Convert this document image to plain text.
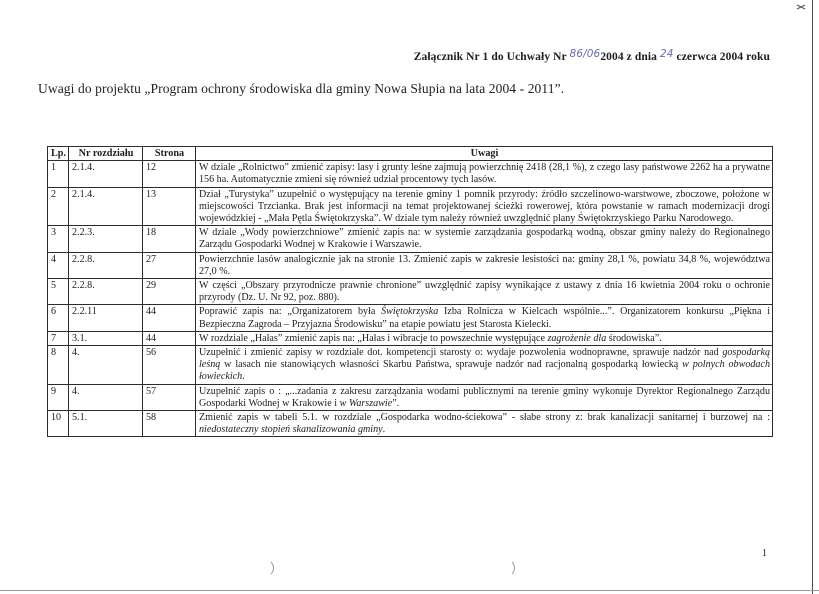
Załącznik Nr 1 do Uchwały Nr 86/062004 z dnia 24 czerwca 2004 roku
Uwagi do projektu „Program ochrony środowiska dla gminy Nowa Słupia na lata 2004 - 2011”.
Lp.	Nr rozdziału	Strona	Uwagi
1	2.1.4.	12	W dziale „Rolnictwo” zmienić zapisy: lasy i grunty leśne zajmują powierzchnię 2418 (28,1 %), z czego lasy państwowe 2262 ha a prywatne 156 ha. Automatycznie zmieni się również udział procentowy tych lasów.
2	2.1.4.	13	Dział „Turystyka” uzupełnić o występujący na terenie gminy 1 pomnik przyrody: źródło szczelinowo-warstwowe, zboczowe, położone w miejscowości Trzcianka. Brak jest informacji na temat projektowanej ścieżki rowerowej, która powstanie w ramach modernizacji drogi wojewódzkiej - „Mała Pętla Świętokrzyska”. W dziale tym należy również uwzględnić plany Świętokrzyskiego Parku Narodowego.
3	2.2.3.	18	W dziale „Wody powierzchniowe” zmienić zapis na: w systemie zarządzania gospodarką wodną, obszar gminy należy do Regionalnego Zarządu Gospodarki Wodnej w Krakowie i Warszawie.
4	2.2.8.	27	Powierzchnie lasów analogicznie jak na stronie 13. Zmienić zapis w zakresie lesistości na: gminy 28,1 %, powiatu 34,8 %, województwa 27,0 %.
5	2.2.8.	29	W części „Obszary przyrodnicze prawnie chronione” uwzględnić zapisy wynikające z ustawy z dnia 16 kwietnia 2004 roku o ochronie przyrody (Dz. U. Nr 92, poz. 880).
6	2.2.11	44	Poprawić zapis na: „Organizatorem była Świętokrzyska Izba Rolnicza w Kielcach wspólnie...”. Organizatorem konkursu „Piękna i Bezpieczna Zagroda – Przyjazna Środowisku” na etapie powiatu jest Starosta Kielecki.
7	3.1.	44	W rozdziale „Hałas” zmienić zapis na: „Hałas i wibracje to powszechnie występujące zagrożenie dla środowiska”.
8	4.	56	Uzupełnić i zmienić zapisy w rozdziale dot. kompetencji starosty o: wydaje pozwolenia wodnoprawne, sprawuje nadzór nad gospodarką leśną w lasach nie stanowiących własności Skarbu Państwa, sprawuje nadzór nad racjonalną gospodarką łowiecką w polnych obwodach łowieckich.
9	4.	57	Uzupełnić zapis o : „...zadania z zakresu zarządzania wodami publicznymi na terenie gminy wykonuje Dyrektor Regionalnego Zarządu Gospodarki Wodnej w Krakowie i w Warszawie”.
10	5.1.	58	Zmienić zapis w tabeli 5.1. w rozdziale „Gospodarka wodno-ściekowa” - słabe strony z: brak kanalizacji sanitarnej i burzowej na : niedostateczny stopień skanalizowania gminy.
1
